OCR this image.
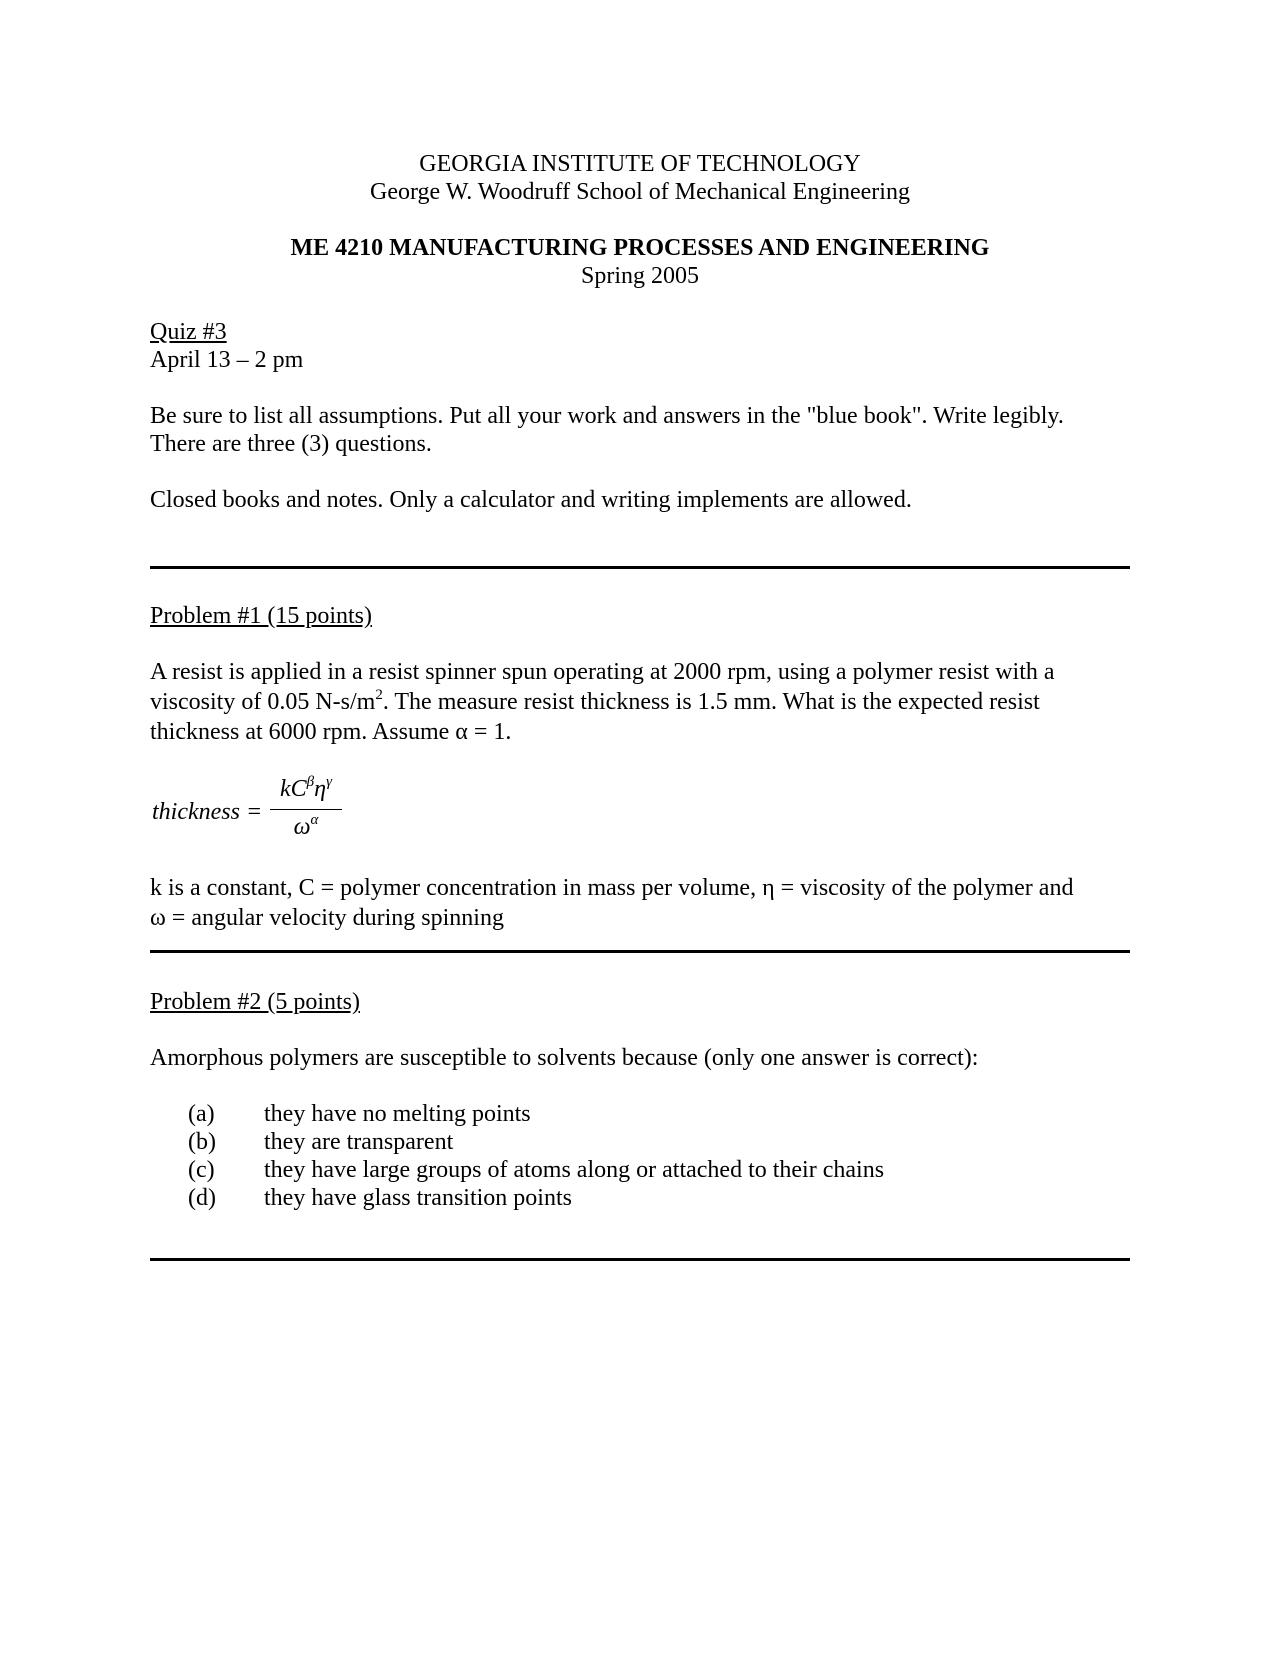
GEORGIA INSTITUTE OF TECHNOLOGY
George W. Woodruff School of Mechanical Engineering
ME 4210 MANUFACTURING PROCESSES AND ENGINEERING
Spring 2005
Quiz #3
April 13 – 2 pm
Be sure to list all assumptions. Put all your work and answers in the "blue book". Write legibly.
There are three (3) questions.
Closed books and notes. Only a calculator and writing implements are allowed.
Problem #1 (15 points)
A resist is applied in a resist spinner spun operating at 2000 rpm, using a polymer resist with a
viscosity of 0.05 $N-s/m^2$. The measure resist thickness is 1.5 mm. What is the expected resist
thickness at 6000 rpm. Assume α = 1.
thickness =
$kC^\beta\eta^\gamma$
$\omega^\alpha$
k is a constant, C = polymer concentration in mass per volume, η = viscosity of the polymer and
ω = angular velocity during spinning
Problem #2 (5 points)
Amorphous polymers are susceptible to solvents because (only one answer is correct):
(a) they have no melting points
(b) they are transparent
(c) they have large groups of atoms along or attached to their chains
(d) they have glass transition points
